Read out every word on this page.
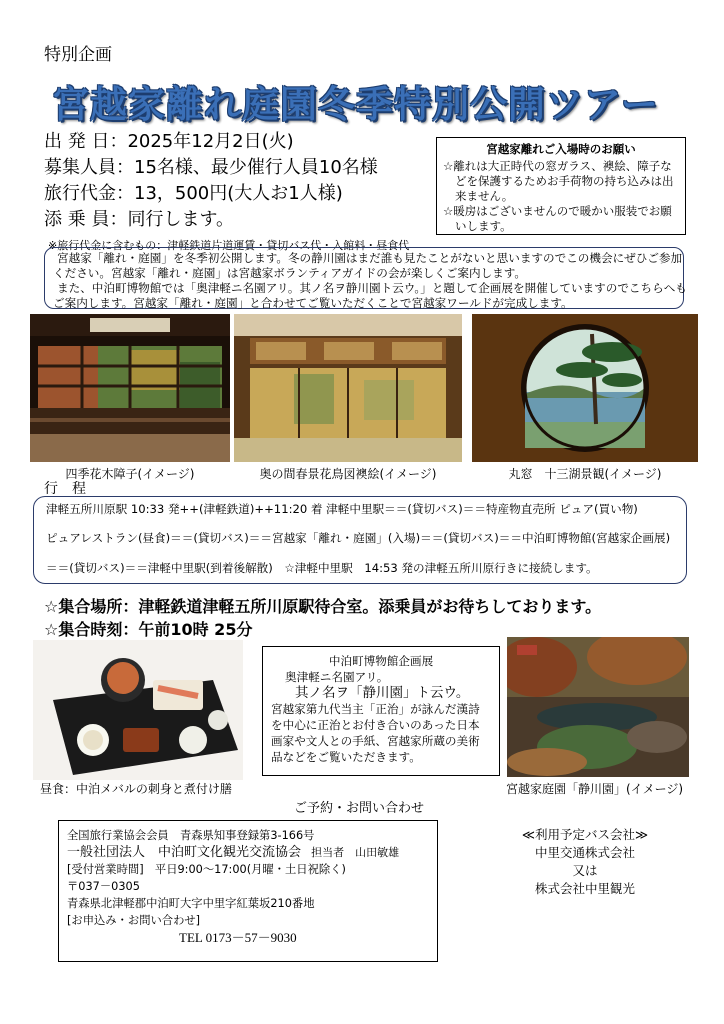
特別企画
宮越家離れ庭園冬季特別公開ツアー
出 発 日：2025年12月2日(火)
募集人員：15名様、最少催行人員10名様
旅行代金：13，500円(大人お1人様)
添 乗 員：同行します。
※旅行代金に含むもの：津軽鉄道片道運賃・貸切バス代・入館料・昼食代
宮越家離れご入場時のお願い
☆離れは大正時代の窓ガラス、襖絵、障子などを保護するためお手荷物の持ち込みは出来ません。
☆暖房はございませんので暖かい服装でお願いします。
宮越家「離れ・庭園」を冬季初公開します。冬の静川園はまだ誰も見たことがないと思いますのでこの機会にぜひご参加
ください。宮越家「離れ・庭園」は宮越家ボランティアガイドの会が楽しくご案内します。
また、中泊町博物館では「奥津軽ニ名園アリ。其ノ名ヲ静川園ト云ウ。」と題して企画展を開催していますのでこちらへも
ご案内します。宮越家「離れ・庭園」と合わせてご覧いただくことで宮越家ワールドが完成します。
四季花木障子(イメージ)	奥の間春景花鳥図襖絵(イメージ)	丸窓　十三湖景観(イメージ)
行　程
津軽五所川原駅 10:33 発++(津軽鉄道)++11:20 着 津軽中里駅＝＝(貸切バス)＝＝特産物直売所 ピュア(買い物)
ピュアレストラン(昼食)＝＝(貸切バス)＝＝宮越家「離れ・庭園」(入場)＝＝(貸切バス)＝＝中泊町博物館(宮越家企画展)
＝＝(貸切バス)＝＝津軽中里駅(到着後解散)　☆津軽中里駅　14:53 発の津軽五所川原行きに接続します。
☆集合場所：津軽鉄道津軽五所川原駅待合室。添乗員がお待ちしております。
☆集合時刻：午前10時 25分
中泊町博物館企画展
奥津軽ニ名園アリ。
其ノ名ヲ「静川園」ト云ウ。
宮越家第九代当主「正治」が詠んだ漢詩を中心に正治とお付き合いのあった日本画家や文人との手紙、宮越家所蔵の美術品などをご覧いただきます。
昼食：中泊メバルの刺身と煮付け膳	宮越家庭園「静川園」(イメージ)
ご予約・お問い合わせ
全国旅行業協会会員　青森県知事登録第3-166号
一般社団法人　中泊町文化観光交流協会 担当者　山田敏雄
[受付営業時間]　平日9:00～17:00(月曜・土日祝除く)
〒037－0305
青森県北津軽郡中泊町大字中里字紅葉坂210番地
[お申込み・お問い合わせ]
TEL 0173－57－9030
≪利用予定バス会社≫
中里交通株式会社
又は
株式会社中里観光
